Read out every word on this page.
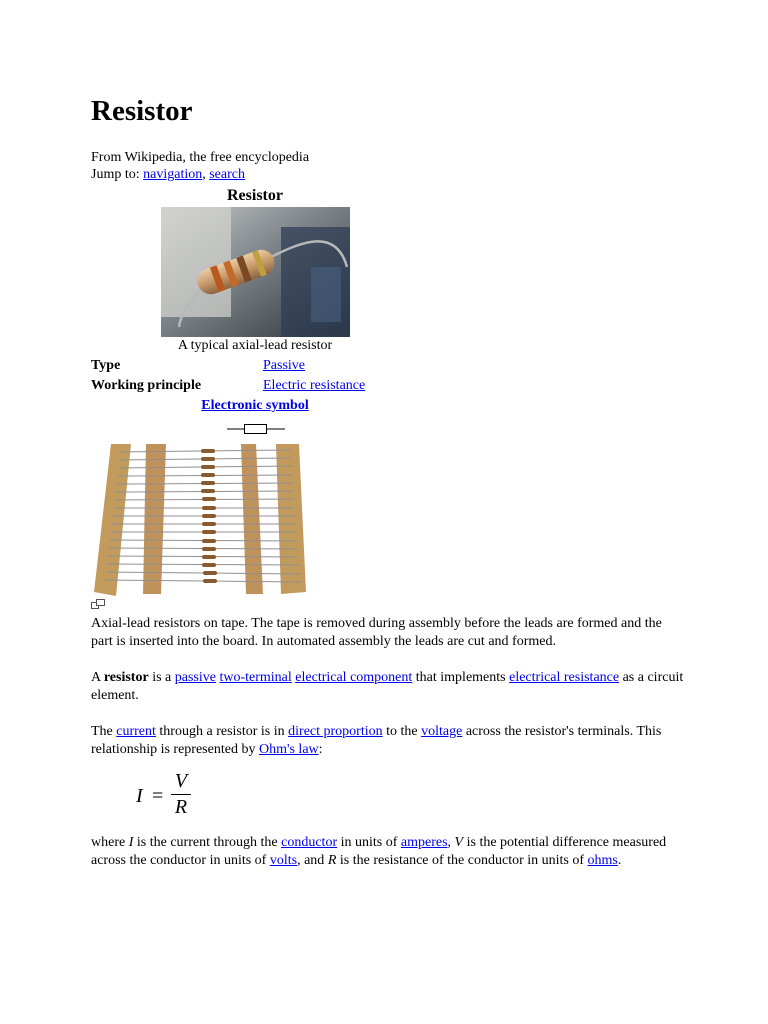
Resistor
From Wikipedia, the free encyclopedia
Jump to: navigation, search
Resistor
A typical axial-lead resistor
Type	Passive
Working principle	Electric resistance
Electronic symbol

Axial-lead resistors on tape. The tape is removed during assembly before the leads are formed and the part is inserted into the board. In automated assembly the leads are cut and formed.

A resistor is a passive two-terminal electrical component that implements electrical resistance as a circuit element.

The current through a resistor is in direct proportion to the voltage across the resistor's terminals. This relationship is represented by Ohm's law:

I =
V
R

where I is the current through the conductor in units of amperes, V is the potential difference measured across the conductor in units of volts, and R is the resistance of the conductor in units of ohms.
